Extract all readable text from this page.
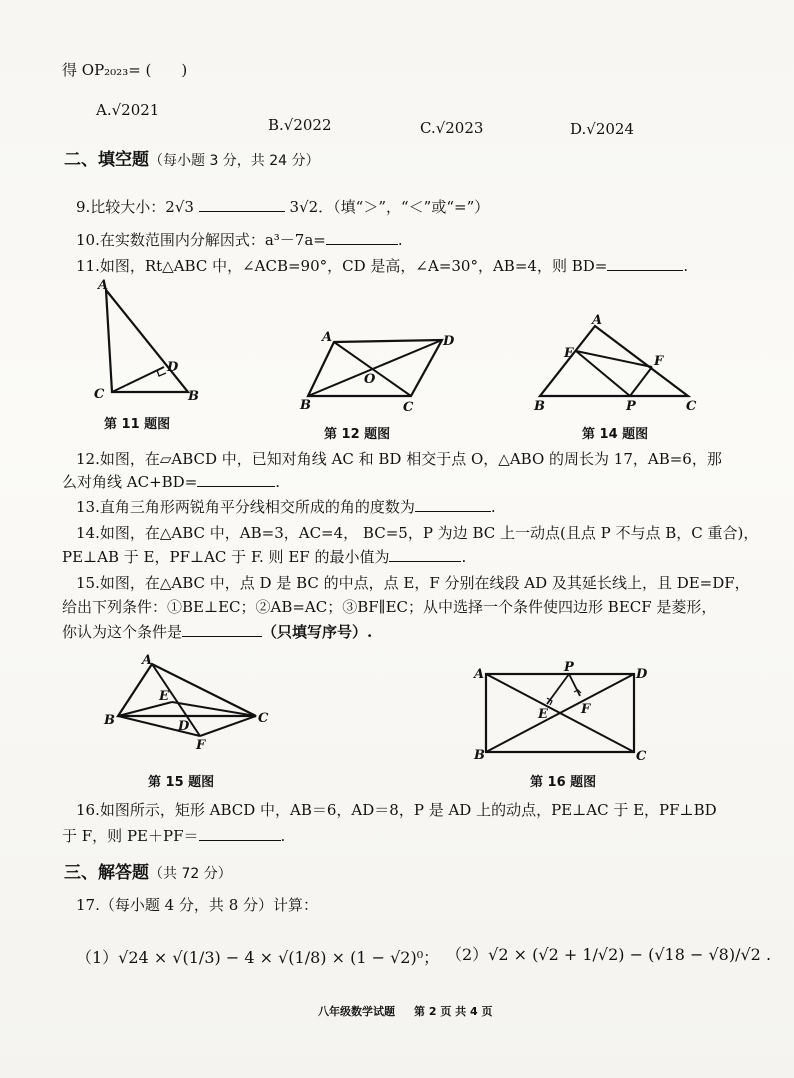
得 OP₂₀₂₃= (　　)
A.√2021
B.√2022	C.√2023	D.√2024
二、填空题（每小题 3 分，共 24 分）
9.比较大小：2√3	3√2．（填“＞”，“＜”或“=”）
10.在实数范围内分解因式：a³－7a=	.
11.如图，Rt△ABC 中，∠ACB=90°，CD 是高，∠A=30°，AB=4，则 BD=	.
A
D
C	B
第 11 题图
A	D
O
B	C
第 12 题图
A
E
F
B	P	C
第 14 题图
12.如图，在▱ABCD 中，已知对角线 AC 和 BD 相交于点 O，△ABO 的周长为 17，AB=6，那
么对角线 AC+BD=	.
13.直角三角形两锐角平分线相交所成的角的度数为	.
14.如图，在△ABC 中，AB=3，AC=4， BC=5，P 为边 BC 上一动点(且点 P 不与点 B，C 重合)，
PE⊥AB 于 E，PF⊥AC 于 F. 则 EF 的最小值为	.
15.如图，在△ABC 中，点 D 是 BC 的中点，点 E，F 分别在线段 AD 及其延长线上，且 DE=DF，
给出下列条件：①BE⊥EC；②AB=AC；③BF∥EC；从中选择一个条件使四边形 BECF 是菱形，
你认为这个条件是	（只填写序号）.
A
E
B	D
C
F
第 15 题图
P
A	D
E	F
B	C
第 16 题图
16.如图所示，矩形 ABCD 中，AB＝6，AD＝8，P 是 AD 上的动点，PE⊥AC 于 E，PF⊥BD
于 F，则 PE＋PF＝	.
三、解答题（共 72 分）
17.（每小题 4 分，共 8 分）计算：
（1）√24 × √(1/3) − 4 × √(1/8) × (1 − √2)⁰； （2）√2 × (√2 + 1/√2) − (√18 − √8)/√2 .
八年级数学试题 第 2 页 共 4 页
